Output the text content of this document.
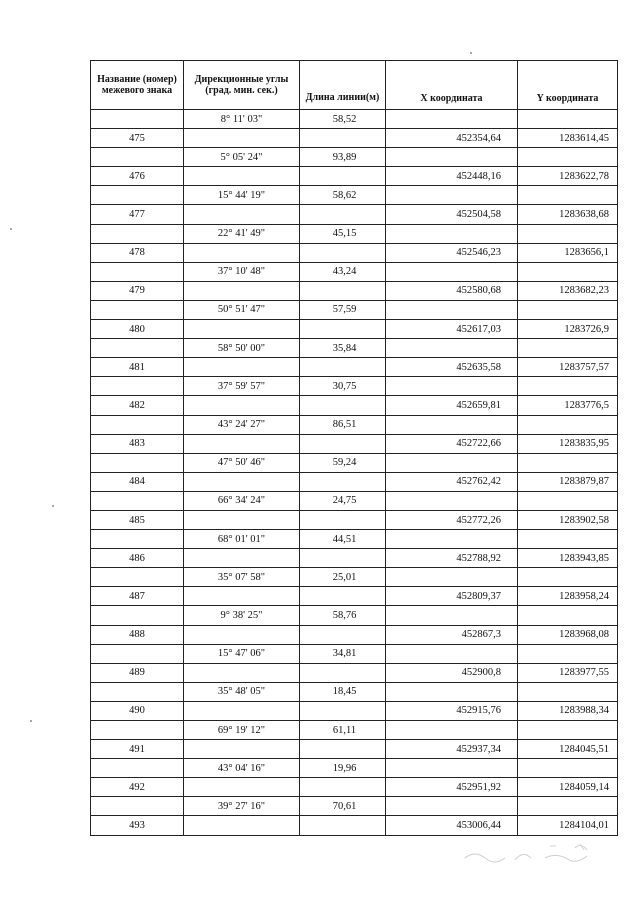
Название (номер) межевого знака	Дирекционные углы (град. мин. сек.)	Длина линии(м)	X координата	Y координата
	8° 11' 03"	58,52		
475			452354,64	1283614,45
	5° 05' 24"	93,89		
476			452448,16	1283622,78
	15° 44' 19"	58,62		
477			452504,58	1283638,68
	22° 41' 49"	45,15		
478			452546,23	1283656,1
	37° 10' 48"	43,24		
479			452580,68	1283682,23
	50° 51' 47"	57,59		
480			452617,03	1283726,9
	58° 50' 00"	35,84		
481			452635,58	1283757,57
	37° 59' 57"	30,75		
482			452659,81	1283776,5
	43° 24' 27"	86,51		
483			452722,66	1283835,95
	47° 50' 46"	59,24		
484			452762,42	1283879,87
	66° 34' 24"	24,75		
485			452772,26	1283902,58
	68° 01' 01"	44,51		
486			452788,92	1283943,85
	35° 07' 58"	25,01		
487			452809,37	1283958,24
	9° 38' 25"	58,76		
488			452867,3	1283968,08
	15° 47' 06"	34,81		
489			452900,8	1283977,55
	35° 48' 05"	18,45		
490			452915,76	1283988,34
	69° 19' 12"	61,11		
491			452937,34	1284045,51
	43° 04' 16"	19,96		
492			452951,92	1284059,14
	39° 27' 16"	70,61		
493			453006,44	1284104,01
